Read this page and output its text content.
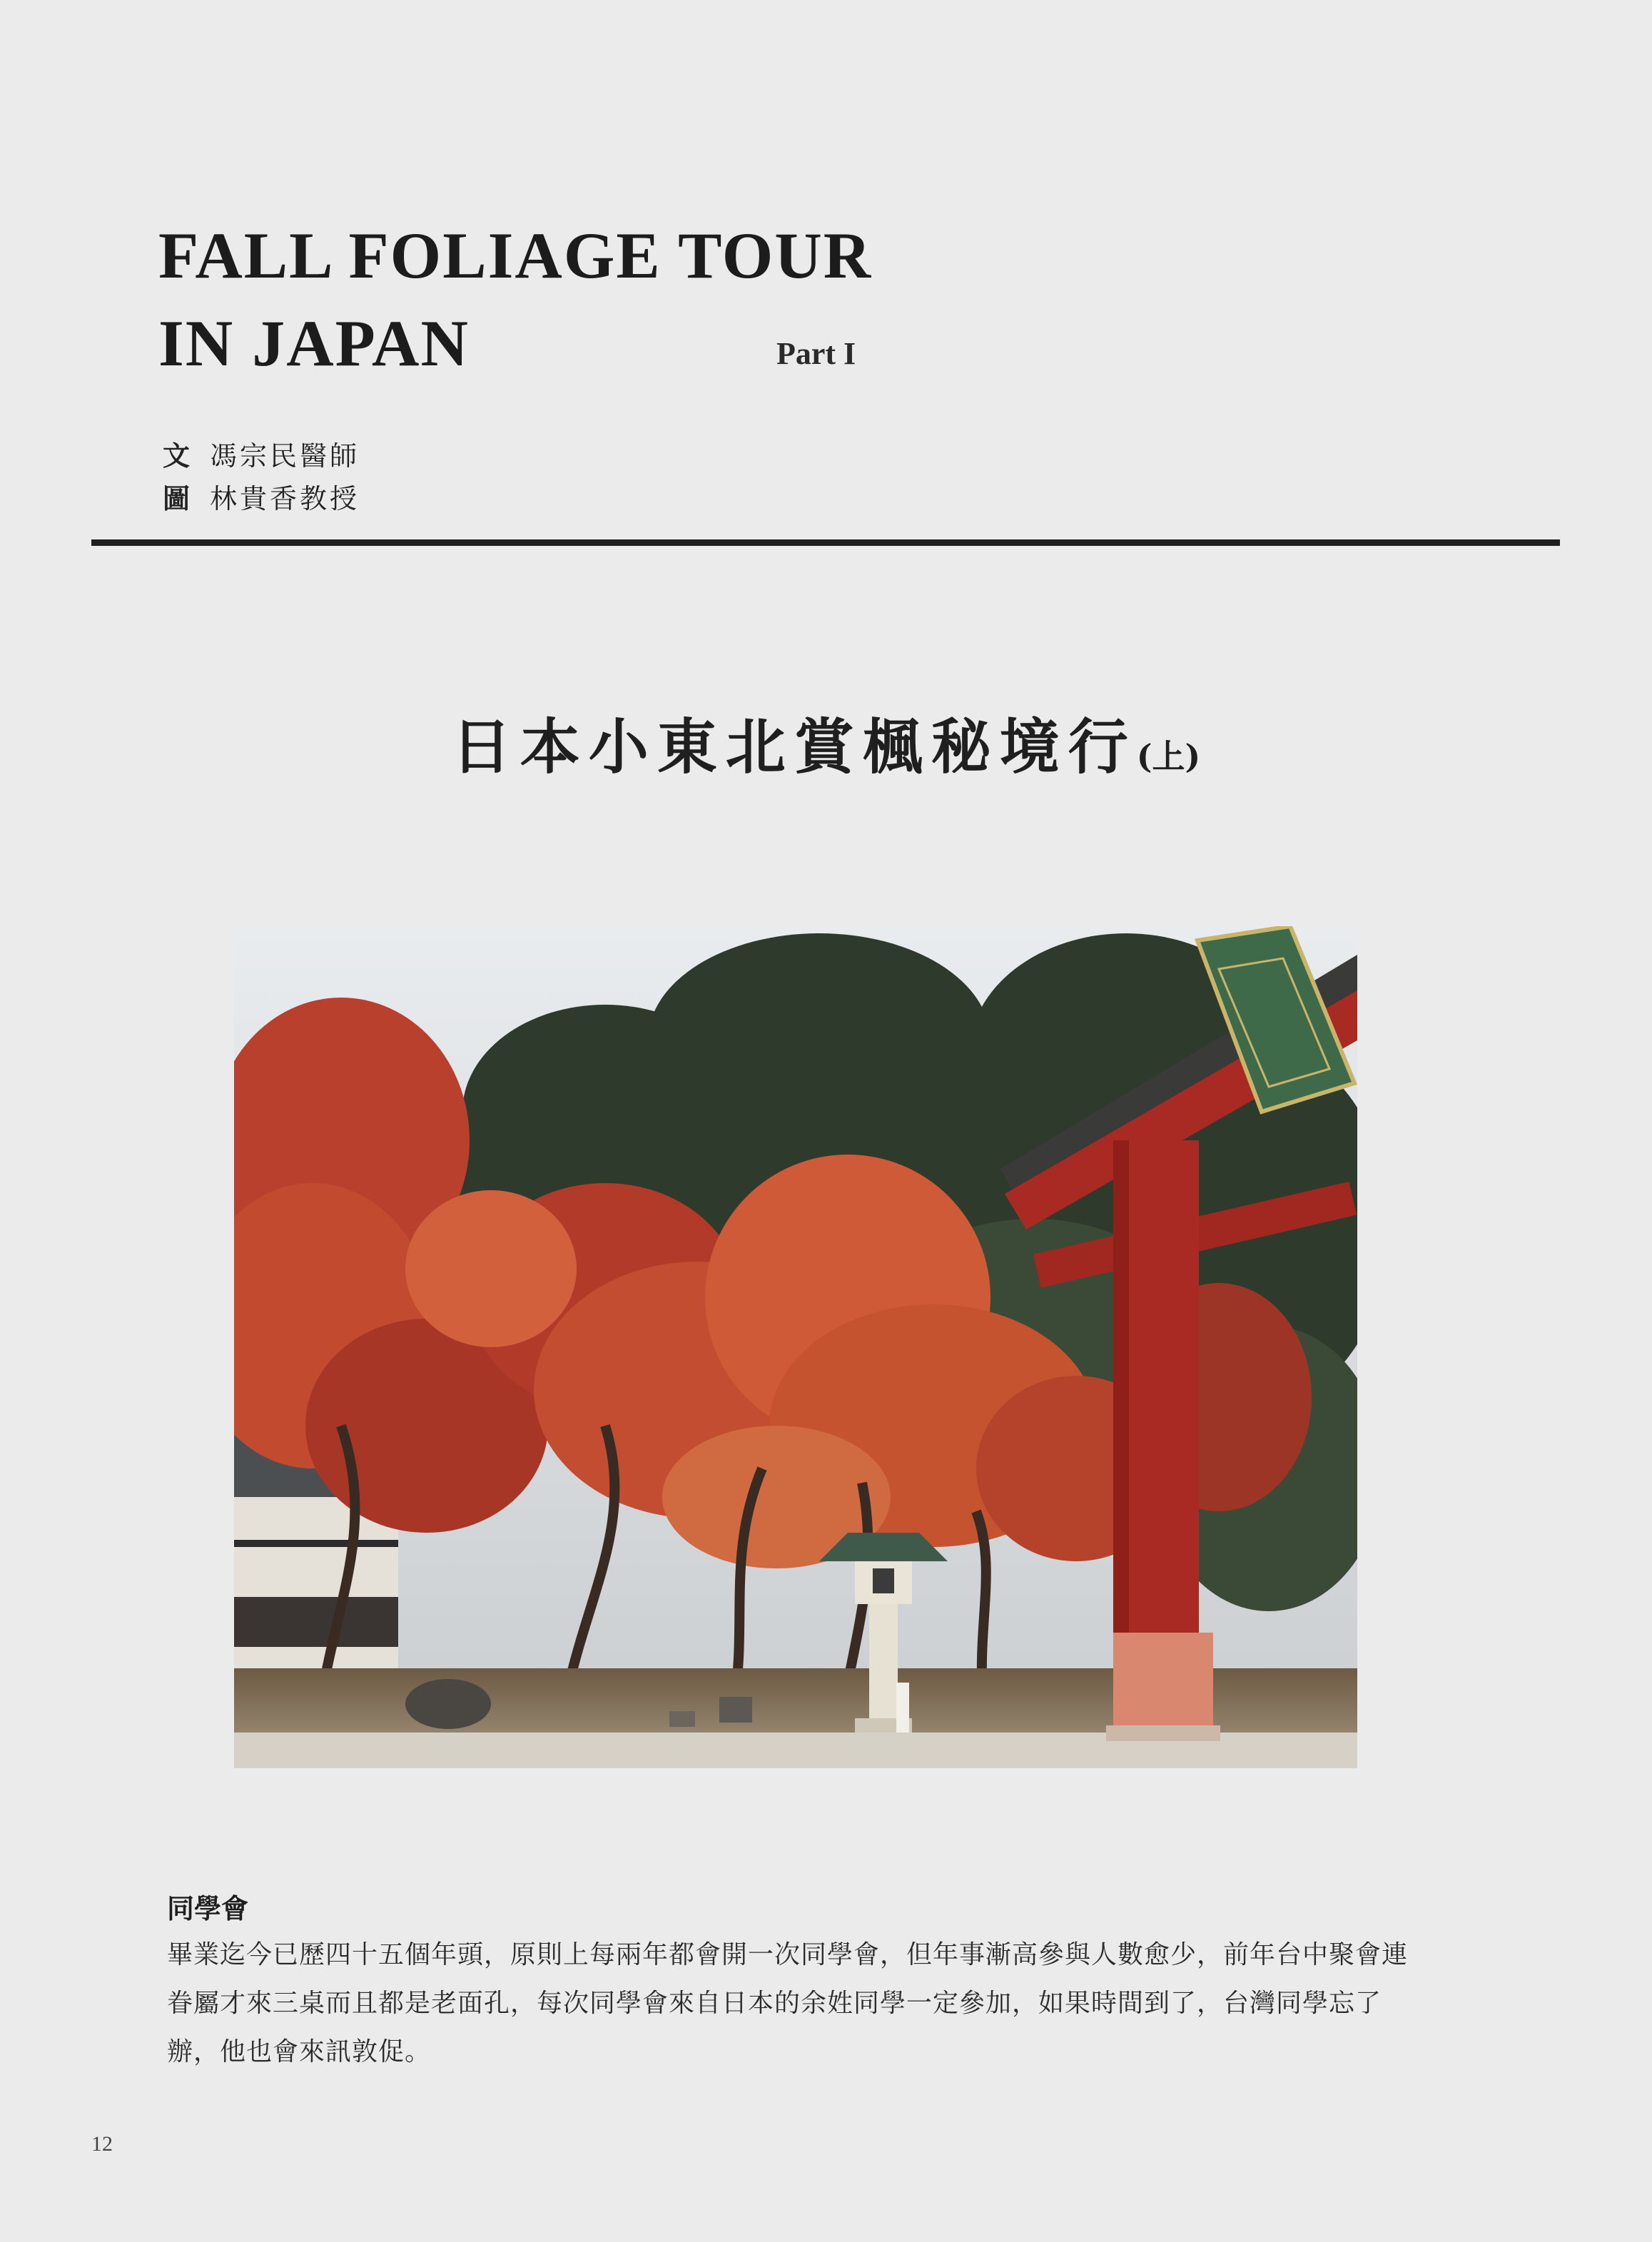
FALL FOLIAGE TOUR
IN JAPAN	Part I
文 馮宗民醫師
圖 林貴香教授
日本小東北賞楓秘境行(上)
同學會

畢業迄今已歷四十五個年頭，原則上每兩年都會開一次同學會，但年事漸高參與人數愈少，前年台中聚會連眷屬才來三桌而且都是老面孔，每次同學會來自日本的余姓同學一定參加，如果時間到了，台灣同學忘了辦，他也會來訊敦促。

12
